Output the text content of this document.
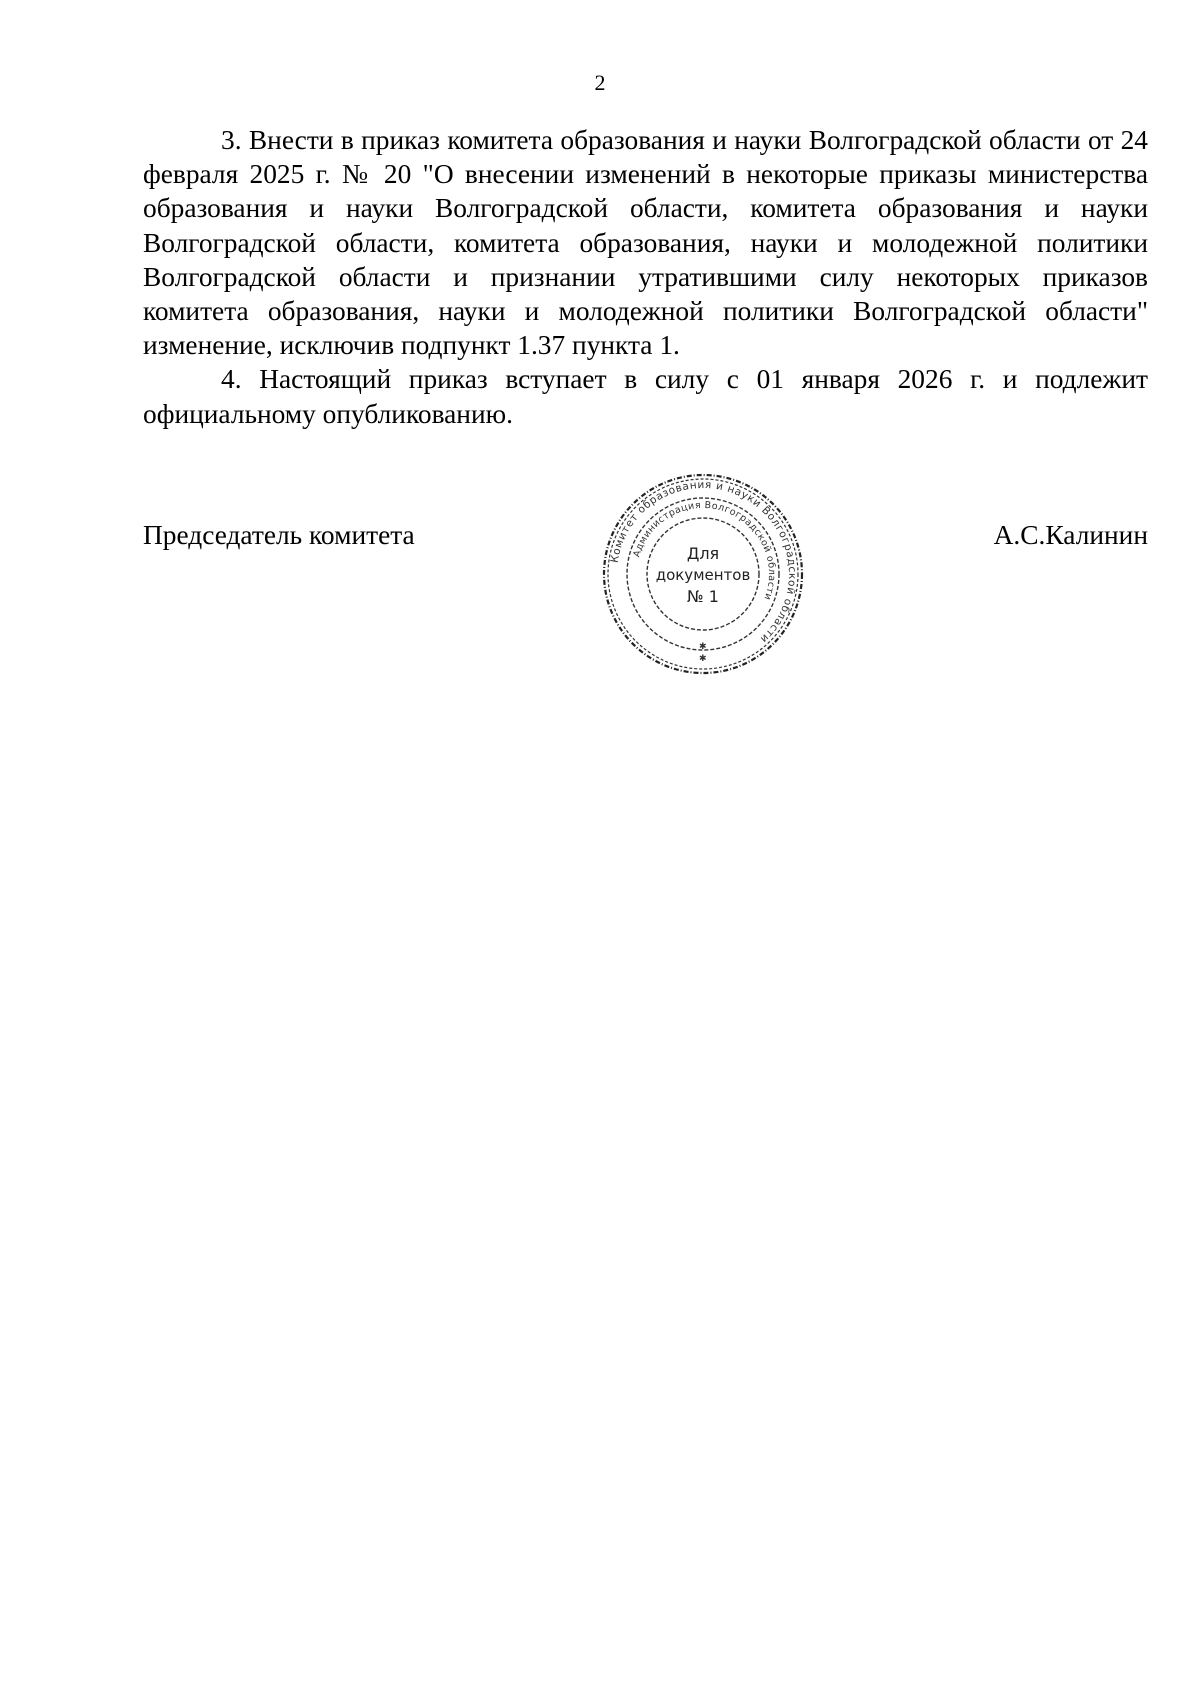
2

3. Внести в приказ комитета образования и науки Волгоградской области от 24 февраля 2025 г. № 20 "О внесении изменений в некоторые приказы министерства образования и науки Волгоградской области, комитета образования и науки Волгоградской области, комитета образования, науки и молодежной политики Волгоградской области и признании утратившими силу некоторых приказов комитета образования, науки и молодежной политики Волгоградской области" изменение, исключив подпункт 1.37 пункта 1.

4. Настоящий приказ вступает в силу с 01 января 2026 г. и подлежит официальному опубликованию.

Председатель комитета
Комитет образования и науки Волгоградской области
Администрация Волгоградской области
Для
документов
№ 1
✱
✱
А.С.Калинин
